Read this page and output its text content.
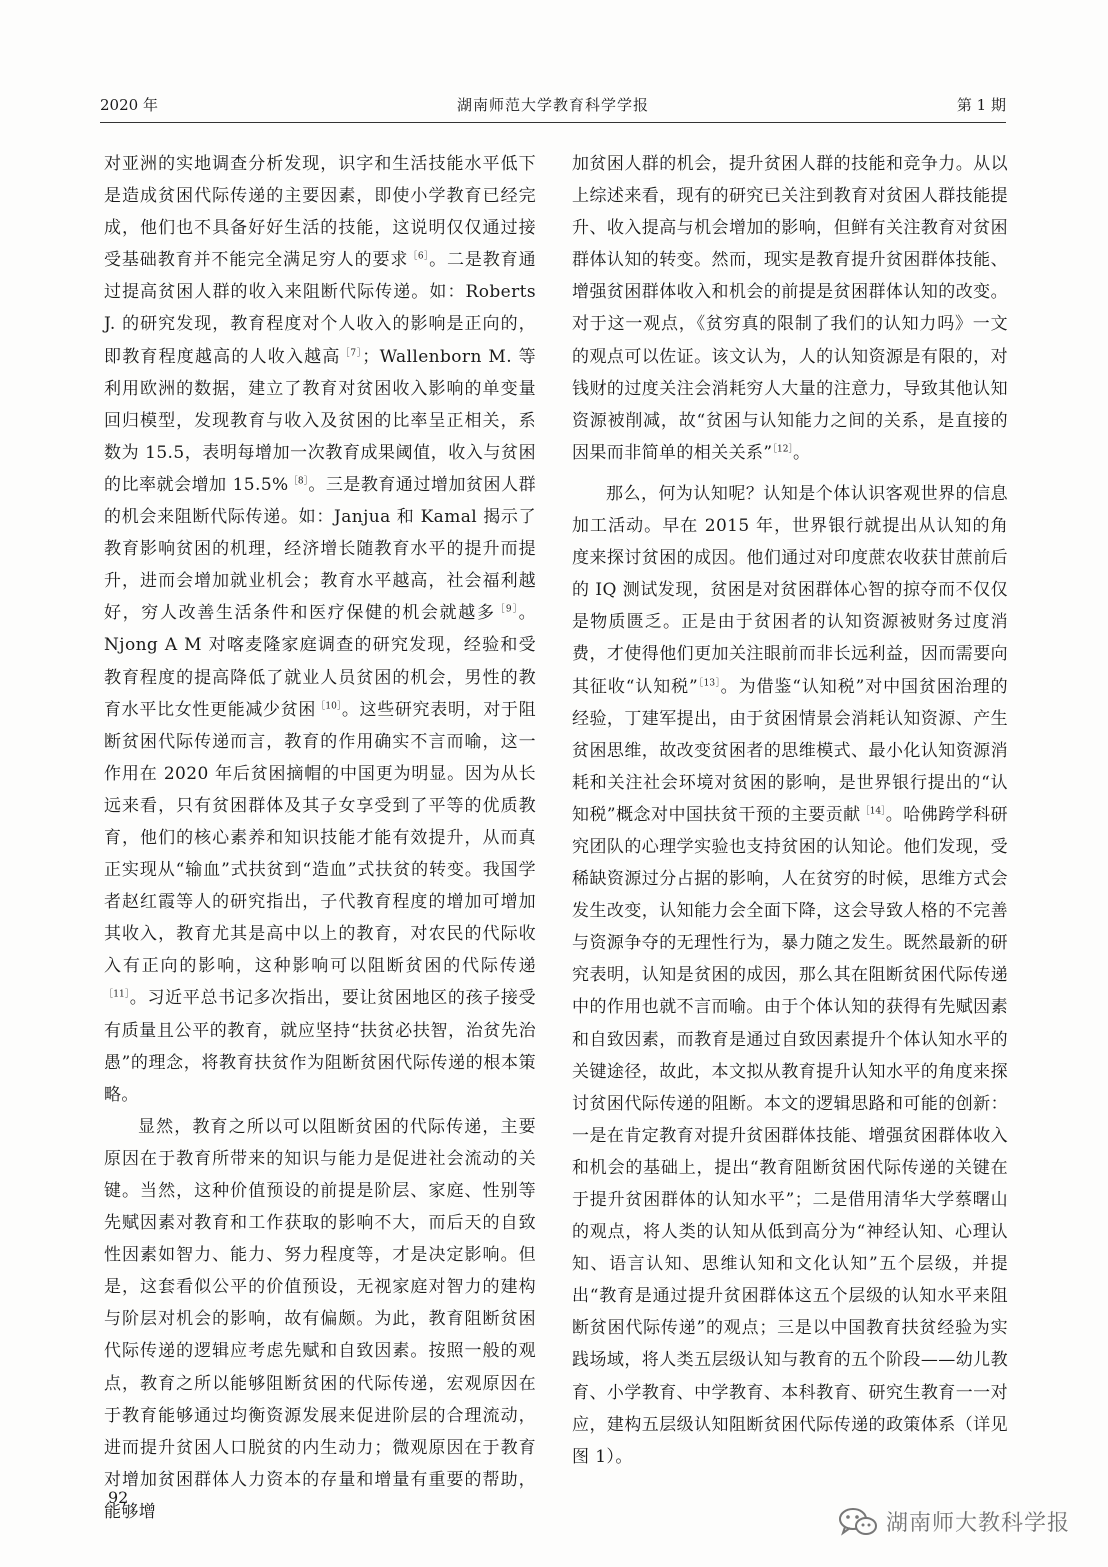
2020 年	湖南师范大学教育科学学报	第 1 期

对亚洲的实地调查分析发现，识字和生活技能水平低下是造成贫困代际传递的主要因素，即使小学教育已经完成，他们也不具备好好生活的技能，这说明仅仅通过接受基础教育并不能完全满足穷人的要求$^{[6]}$。二是教育通过提高贫困人群的收入来阻断代际传递。如：Roberts J. 的研究发现，教育程度对个人收入的影响是正向的，即教育程度越高的人收入越高$^{[7]}$；Wallenborn M. 等利用欧洲的数据，建立了教育对贫困收入影响的单变量回归模型，发现教育与收入及贫困的比率呈正相关，系数为 15.5，表明每增加一次教育成果阈值，收入与贫困的比率就会增加 15.5%$^{[8]}$。三是教育通过增加贫困人群的机会来阻断代际传递。如：Janjua 和 Kamal 揭示了教育影响贫困的机理，经济增长随教育水平的提升而提升，进而会增加就业机会；教育水平越高，社会福利越好，穷人改善生活条件和医疗保健的机会就越多$^{[9]}$。Njong A M 对喀麦隆家庭调查的研究发现，经验和受教育程度的提高降低了就业人员贫困的机会，男性的教育水平比女性更能减少贫困$^{[10]}$。这些研究表明，对于阻断贫困代际传递而言，教育的作用确实不言而喻，这一作用在 2020 年后贫困摘帽的中国更为明显。因为从长远来看，只有贫困群体及其子女享受到了平等的优质教育，他们的核心素养和知识技能才能有效提升，从而真正实现从“输血”式扶贫到“造血”式扶贫的转变。我国学者赵红霞等人的研究指出，子代教育程度的增加可增加其收入，教育尤其是高中以上的教育，对农民的代际收入有正向的影响，这种影响可以阻断贫困的代际传递$^{[11]}$。习近平总书记多次指出，要让贫困地区的孩子接受有质量且公平的教育，就应坚持“扶贫必扶智，治贫先治愚”的理念，将教育扶贫作为阻断贫困代际传递的根本策略。

显然，教育之所以可以阻断贫困的代际传递，主要原因在于教育所带来的知识与能力是促进社会流动的关键。当然，这种价值预设的前提是阶层、家庭、性别等先赋因素对教育和工作获取的影响不大，而后天的自致性因素如智力、能力、努力程度等，才是决定影响。但是，这套看似公平的价值预设，无视家庭对智力的建构与阶层对机会的影响，故有偏颇。为此，教育阻断贫困代际传递的逻辑应考虑先赋和自致因素。按照一般的观点，教育之所以能够阻断贫困的代际传递，宏观原因在于教育能够通过均衡资源发展来促进阶层的合理流动，进而提升贫困人口脱贫的内生动力；微观原因在于教育对增加贫困群体人力资本的存量和增量有重要的帮助，能够增

加贫困人群的机会，提升贫困人群的技能和竞争力。从以上综述来看，现有的研究已关注到教育对贫困人群技能提升、收入提高与机会增加的影响，但鲜有关注教育对贫困群体认知的转变。然而，现实是教育提升贫困群体技能、增强贫困群体收入和机会的前提是贫困群体认知的改变。对于这一观点，《贫穷真的限制了我们的认知力吗》一文的观点可以佐证。该文认为，人的认知资源是有限的，对钱财的过度关注会消耗穷人大量的注意力，导致其他认知资源被削减，故“贫困与认知能力之间的关系，是直接的因果而非简单的相关关系”$^{[12]}$。

那么，何为认知呢？认知是个体认识客观世界的信息加工活动。早在 2015 年，世界银行就提出从认知的角度来探讨贫困的成因。他们通过对印度蔗农收获甘蔗前后的 IQ 测试发现，贫困是对贫困群体心智的掠夺而不仅仅是物质匮乏。正是由于贫困者的认知资源被财务过度消费，才使得他们更加关注眼前而非长远利益，因而需要向其征收“认知税”$^{[13]}$。为借鉴“认知税”对中国贫困治理的经验，丁建军提出，由于贫困情景会消耗认知资源、产生贫困思维，故改变贫困者的思维模式、最小化认知资源消耗和关注社会环境对贫困的影响，是世界银行提出的“认知税”概念对中国扶贫干预的主要贡献$^{[14]}$。哈佛跨学科研究团队的心理学实验也支持贫困的认知论。他们发现，受稀缺资源过分占据的影响，人在贫穷的时候，思维方式会发生改变，认知能力会全面下降，这会导致人格的不完善与资源争夺的无理性行为，暴力随之发生。既然最新的研究表明，认知是贫困的成因，那么其在阻断贫困代际传递中的作用也就不言而喻。由于个体认知的获得有先赋因素和自致因素，而教育是通过自致因素提升个体认知水平的关键途径，故此，本文拟从教育提升认知水平的角度来探讨贫困代际传递的阻断。本文的逻辑思路和可能的创新：一是在肯定教育对提升贫困群体技能、增强贫困群体收入和机会的基础上，提出“教育阻断贫困代际传递的关键在于提升贫困群体的认知水平”；二是借用清华大学蔡曙山的观点，将人类的认知从低到高分为“神经认知、心理认知、语言认知、思维认知和文化认知”五个层级，并提出“教育是通过提升贫困群体这五个层级的认知水平来阻断贫困代际传递”的观点；三是以中国教育扶贫经验为实践场域，将人类五层级认知与教育的五个阶段——幼儿教育、小学教育、中学教育、本科教育、研究生教育一一对应，建构五层级认知阻断贫困代际传递的政策体系（详见图 1）。

92
湖南师大教科学报
